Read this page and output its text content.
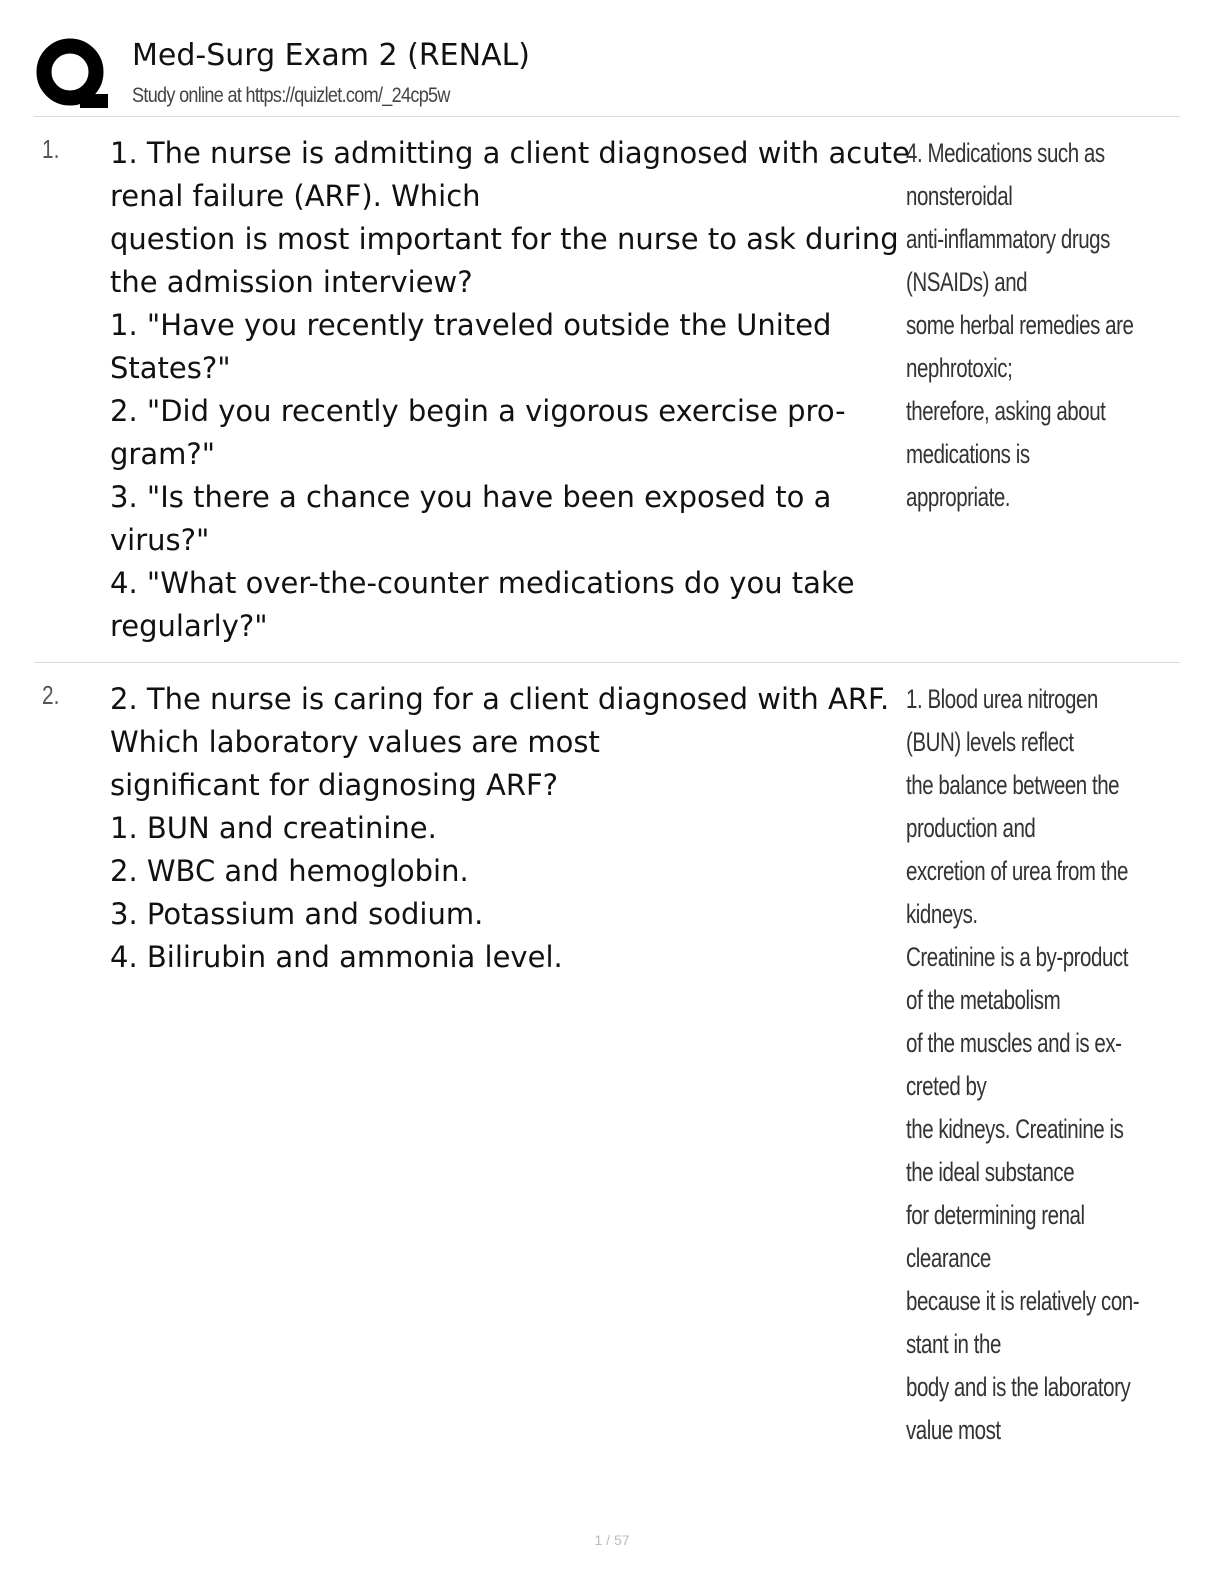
Med-Surg Exam 2 (RENAL)
Study online at https://quizlet.com/_24cp5w
1. 1. The nurse is admitting a client diagnosed with acute
renal failure (ARF). Which
question is most important for the nurse to ask during
the admission interview?
1. "Have you recently traveled outside the United
States?"
2. "Did you recently begin a vigorous exercise pro-
gram?"
3. "Is there a chance you have been exposed to a
virus?"
4. "What over-the-counter medications do you take
regularly?"
4. Medications such as
nonsteroidal
anti-inflammatory drugs
(NSAIDs) and
some herbal remedies are
nephrotoxic;
therefore, asking about
medications is
appropriate.
2. 2. The nurse is caring for a client diagnosed with ARF.
Which laboratory values are most
significant for diagnosing ARF?
1. BUN and creatinine.
2. WBC and hemoglobin.
3. Potassium and sodium.
4. Bilirubin and ammonia level.
1. Blood urea nitrogen
(BUN) levels reflect
the balance between the
production and
excretion of urea from the
kidneys.
Creatinine is a by-product
of the metabolism
of the muscles and is ex-
creted by
the kidneys. Creatinine is
the ideal substance
for determining renal
clearance
because it is relatively con-
stant in the
body and is the laboratory
value most
1 / 57
